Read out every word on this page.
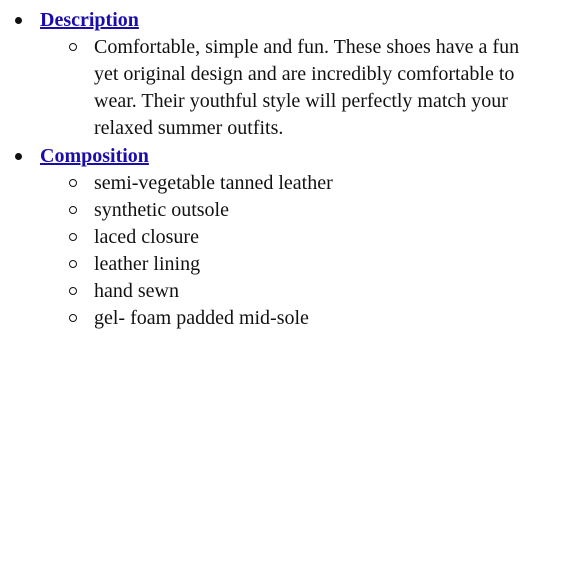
Description
Comfortable, simple and fun. These shoes have a fun yet original design and are incredibly comfortable to wear. Their youthful style will perfectly match your relaxed summer outfits.
Composition
semi-vegetable tanned leather
synthetic outsole
laced closure
leather lining
hand sewn
gel- foam padded mid-sole
